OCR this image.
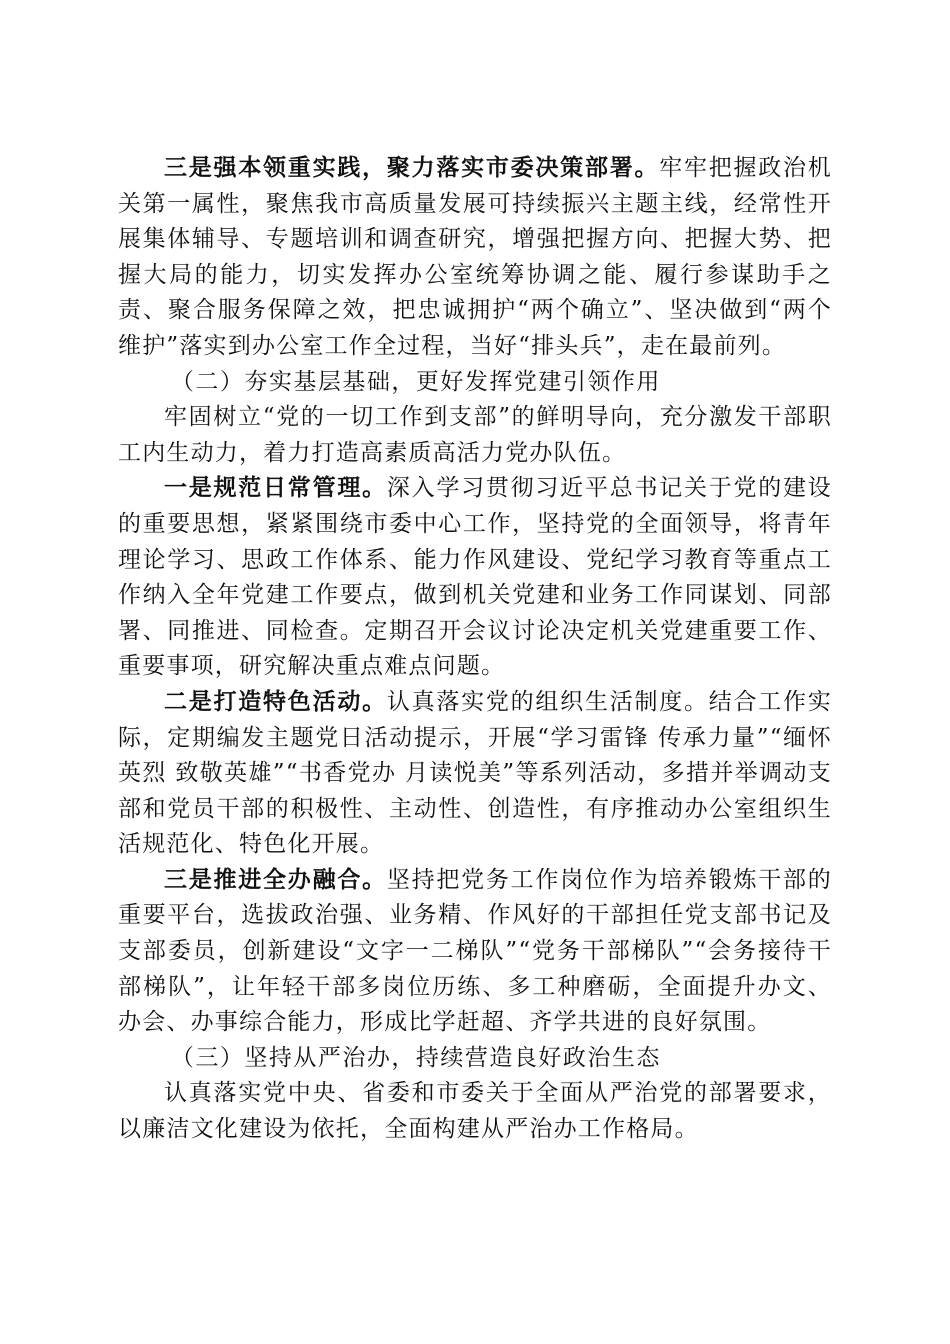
三是强本领重实践，聚力落实市委决策部署。牢牢把握政治机关第一属性，聚焦我市高质量发展可持续振兴主题主线，经常性开展集体辅导、专题培训和调查研究，增强把握方向、把握大势、把握大局的能力，切实发挥办公室统筹协调之能、履行参谋助手之责、聚合服务保障之效，把忠诚拥护“两个确立”、坚决做到“两个维护”落实到办公室工作全过程，当好“排头兵”，走在最前列。

（二）夯实基层基础，更好发挥党建引领作用

牢固树立“党的一切工作到支部”的鲜明导向，充分激发干部职工内生动力，着力打造高素质高活力党办队伍。

一是规范日常管理。深入学习贯彻习近平总书记关于党的建设的重要思想，紧紧围绕市委中心工作，坚持党的全面领导，将青年理论学习、思政工作体系、能力作风建设、党纪学习教育等重点工作纳入全年党建工作要点，做到机关党建和业务工作同谋划、同部署、同推进、同检查。定期召开会议讨论决定机关党建重要工作、重要事项，研究解决重点难点问题。

二是打造特色活动。认真落实党的组织生活制度。结合工作实际，定期编发主题党日活动提示，开展“学习雷锋 传承力量”“缅怀英烈 致敬英雄”“书香党办 月读悦美”等系列活动，多措并举调动支部和党员干部的积极性、主动性、创造性，有序推动办公室组织生活规范化、特色化开展。

三是推进全办融合。坚持把党务工作岗位作为培养锻炼干部的重要平台，选拔政治强、业务精、作风好的干部担任党支部书记及支部委员，创新建设“文字一二梯队”“党务干部梯队”“会务接待干部梯队”，让年轻干部多岗位历练、多工种磨砺，全面提升办文、办会、办事综合能力，形成比学赶超、齐学共进的良好氛围。

（三）坚持从严治办，持续营造良好政治生态

认真落实党中央、省委和市委关于全面从严治党的部署要求，以廉洁文化建设为依托，全面构建从严治办工作格局。
